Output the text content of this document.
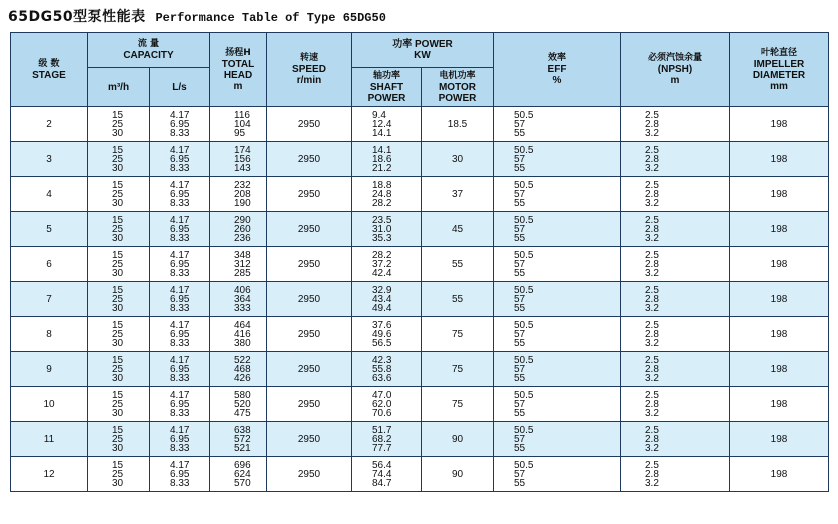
65DG50型泵性能表 Performance Table of Type 65DG50
级 数
STAGE	流 量
CAPACITY		扬程H
TOTAL
HEAD
m	转速
SPEED
r/min	功率 POWER
KW		效率
EFF
%	必须汽蚀余量
(NPSH)
m	叶轮直径
IMPELLER
DIAMETER
mm

	m³/h	L/s			轴功率
SHAFT
POWER	电机功率
MOTOR
POWER			

2	15
25
30	4.17
6.95
8.33	116
104
95	2950	9.4
12.4
14.1	18.5	50.5
57
55	2.5
2.8
3.2	198
3	15
25
30	4.17
6.95
8.33	174
156
143	2950	14.1
18.6
21.2	30	50.5
57
55	2.5
2.8
3.2	198
4	15
25
30	4.17
6.95
8.33	232
208
190	2950	18.8
24.8
28.2	37	50.5
57
55	2.5
2.8
3.2	198
5	15
25
30	4.17
6.95
8.33	290
260
236	2950	23.5
31.0
35.3	45	50.5
57
55	2.5
2.8
3.2	198
6	15
25
30	4.17
6.95
8.33	348
312
285	2950	28.2
37.2
42.4	55	50.5
57
55	2.5
2.8
3.2	198
7	15
25
30	4.17
6.95
8.33	406
364
333	2950	32.9
43.4
49.4	55	50.5
57
55	2.5
2.8
3.2	198
8	15
25
30	4.17
6.95
8.33	464
416
380	2950	37.6
49.6
56.5	75	50.5
57
55	2.5
2.8
3.2	198
9	15
25
30	4.17
6.95
8.33	522
468
426	2950	42.3
55.8
63.6	75	50.5
57
55	2.5
2.8
3.2	198
10	15
25
30	4.17
6.95
8.33	580
520
475	2950	47.0
62.0
70.6	75	50.5
57
55	2.5
2.8
3.2	198
11	15
25
30	4.17
6.95
8.33	638
572
521	2950	51.7
68.2
77.7	90	50.5
57
55	2.5
2.8
3.2	198
12	15
25
30	4.17
6.95
8.33	696
624
570	2950	56.4
74.4
84.7	90	50.5
57
55	2.5
2.8
3.2	198
